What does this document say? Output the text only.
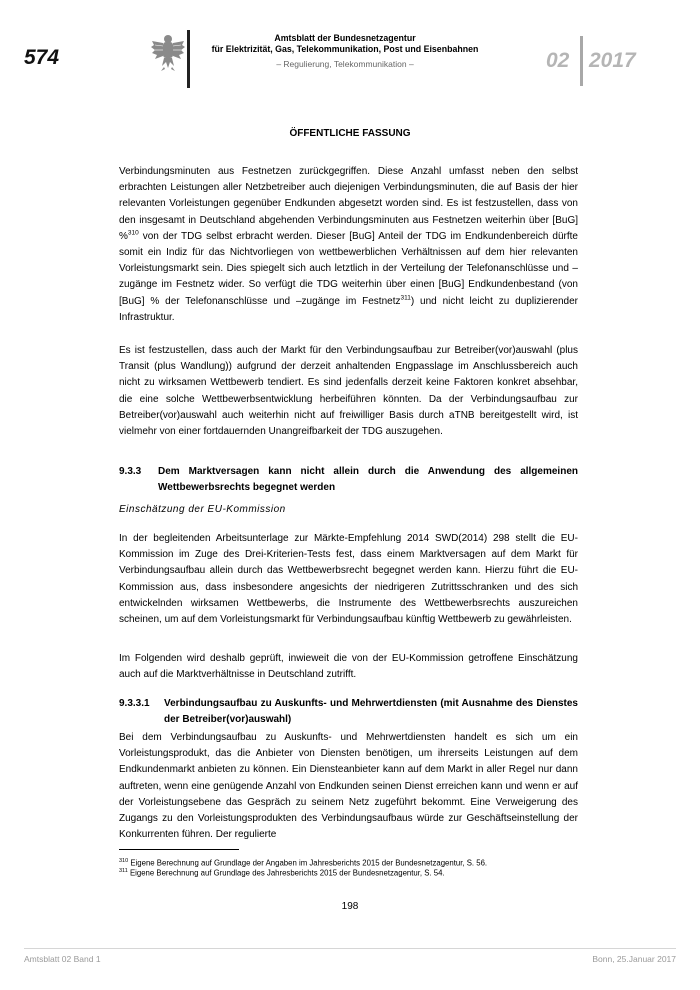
574
Amtsblatt der Bundesnetzagentur
für Elektrizität, Gas, Telekommunikation, Post und Eisenbahnen
– Regulierung, Telekommunikation –	02 2017
ÖFFENTLICHE FASSUNG
Verbindungsminuten aus Festnetzen zurückgegriffen. Diese Anzahl umfasst neben den selbst erbrachten Leistungen aller Netzbetreiber auch diejenigen Verbindungsminuten, die auf Basis der hier relevanten Vorleistungen gegenüber Endkunden abgesetzt worden sind. Es ist festzustellen, dass von den insgesamt in Deutschland abgehenden Verbindungsminuten aus Festnetzen weiterhin über [BuG] %$^{310}$ von der TDG selbst erbracht werden. Dieser [BuG] Anteil der TDG im Endkundenbereich dürfte somit ein Indiz für das Nichtvorliegen von wettbewerblichen Verhältnissen auf dem hier relevanten Vorleistungsmarkt sein. Dies spiegelt sich auch letztlich in der Verteilung der Telefonanschlüsse und –zugänge im Festnetz wider. So verfügt die TDG weiterhin über einen [BuG] Endkundenbestand (von [BuG] % der Telefonanschlüsse und –zugänge im Festnetz$^{311}$) und nicht leicht zu duplizierender Infrastruktur.
Es ist festzustellen, dass auch der Markt für den Verbindungsaufbau zur Betreiber(vor)auswahl (plus Transit (plus Wandlung)) aufgrund der derzeit anhaltenden Engpasslage im Anschlussbereich auch nicht zu wirksamen Wettbewerb tendiert. Es sind jedenfalls derzeit keine Faktoren konkret absehbar, die eine solche Wettbewerbsentwicklung herbeiführen könnten. Da der Verbindungsaufbau zur Betreiber(vor)auswahl auch weiterhin nicht auf freiwilliger Basis durch aTNB bereitgestellt wird, ist vielmehr von einer fortdauernden Unangreifbarkeit der TDG auszugehen.
9.3.3 Dem Marktversagen kann nicht allein durch die Anwendung des allgemeinen Wettbewerbsrechts begegnet werden
Einschätzung der EU-Kommission
In der begleitenden Arbeitsunterlage zur Märkte-Empfehlung 2014 SWD(2014) 298 stellt die EU-Kommission im Zuge des Drei-Kriterien-Tests fest, dass einem Marktversagen auf dem Markt für Verbindungsaufbau allein durch das Wettbewerbsrecht begegnet werden kann. Hierzu führt die EU-Kommission aus, dass insbesondere angesichts der niedrigeren Zutrittsschranken und des sich entwickelnden wirksamen Wettbewerbs, die Instrumente des Wettbewerbsrechts auszureichen scheinen, um auf dem Vorleistungsmarkt für Verbindungsaufbau künftig Wettbewerb zu gewährleisten.
Im Folgenden wird deshalb geprüft, inwieweit die von der EU-Kommission getroffene Einschätzung auch auf die Marktverhältnisse in Deutschland zutrifft.
9.3.3.1 Verbindungsaufbau zu Auskunfts- und Mehrwertdiensten (mit Ausnahme des Dienstes der Betreiber(vor)auswahl)
Bei dem Verbindungsaufbau zu Auskunfts- und Mehrwertdiensten handelt es sich um ein Vorleistungsprodukt, das die Anbieter von Diensten benötigen, um ihrerseits Leistungen auf dem Endkundenmarkt anbieten zu können. Ein Diensteanbieter kann auf dem Markt in aller Regel nur dann auftreten, wenn eine genügende Anzahl von Endkunden seinen Dienst erreichen kann und wenn er auf der Vorleistungsebene das Gespräch zu seinem Netz zugeführt bekommt. Eine Verweigerung des Zugangs zu den Vorleistungsprodukten des Verbindungsaufbaus würde zur Geschäftseinstellung der Konkurrenten führen. Der regulierte
$^{310}$ Eigene Berechnung auf Grundlage der Angaben im Jahresberichts 2015 der Bundesnetzagentur, S. 56.
$^{311}$ Eigene Berechnung auf Grundlage des Jahresberichts 2015 der Bundesnetzagentur, S. 54.
198
Amtsblatt 02 Band 1	Bonn, 25.Januar 2017
